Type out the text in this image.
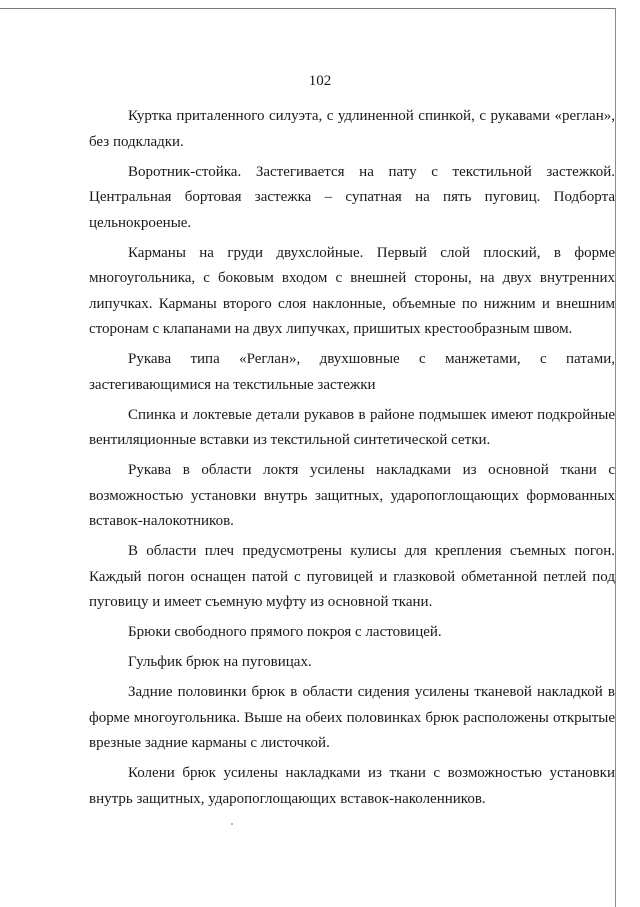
102

Куртка приталенного силуэта, с удлиненной спинкой, с рукавами «реглан», без подкладки.

Воротник-стойка. Застегивается на пату с текстильной застежкой. Центральная бортовая застежка – супатная на пять пуговиц. Подборта цельнокроеные.

Карманы на груди двухслойные. Первый слой плоский, в форме многоугольника, с боковым входом с внешней стороны, на двух внутренних липучках. Карманы второго слоя наклонные, объемные по нижним и внешним сторонам с клапанами на двух липучках, пришитых крестообразным швом.

Рукава типа «Реглан», двухшовные с манжетами, с патами, застегивающимися на текстильные застежки

Спинка и локтевые детали рукавов в районе подмышек имеют подкройные вентиляционные вставки из текстильной синтетической сетки.

Рукава в области локтя усилены накладками из основной ткани с возможностью установки внутрь защитных, ударопоглощающих формованных вставок-налокотников.

В области плеч предусмотрены кулисы для крепления съемных погон. Каждый погон оснащен патой с пуговицей и глазковой обметанной петлей под пуговицу и имеет съемную муфту из основной ткани.

Брюки свободного прямого покроя с ластовицей.

Гульфик брюк на пуговицах.

Задние половинки брюк в области сидения усилены тканевой накладкой в форме многоугольника. Выше на обеих половинках брюк расположены открытые врезные задние карманы с листочкой.

Колени брюк усилены накладками из ткани с возможностью установки внутрь защитных, ударопоглощающих вставок-наколенников.
